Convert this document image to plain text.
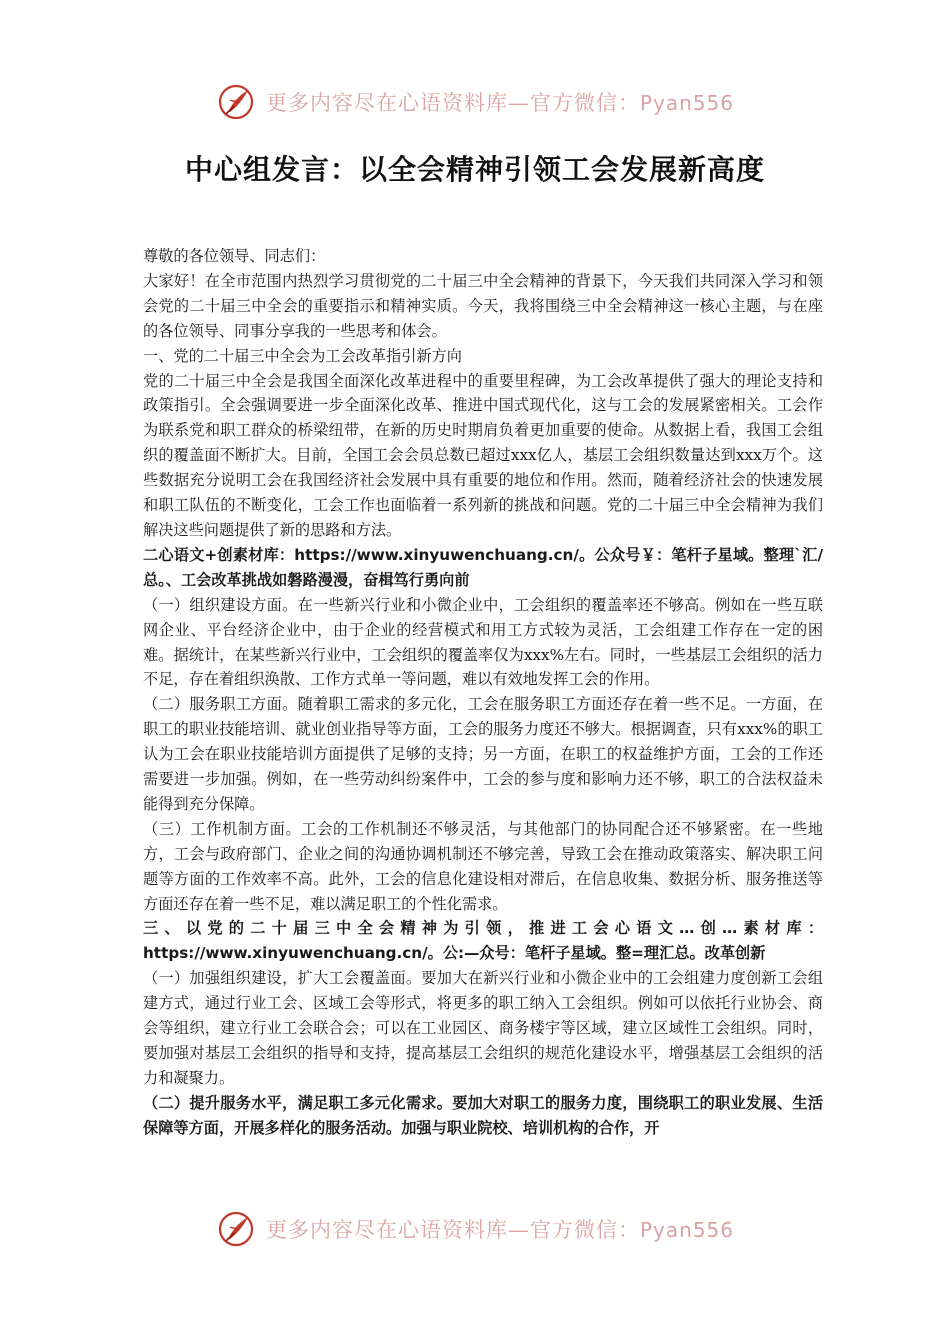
更多内容尽在心语资料库—官方微信：Pyan556
中心组发言：以全会精神引领工会发展新高度

尊敬的各位领导、同志们：

大家好！在全市范围内热烈学习贯彻党的二十届三中全会精神的背景下，今天我们共同深入学习和领会党的二十届三中全会的重要指示和精神实质。今天，我将围绕三中全会精神这一核心主题，与在座的各位领导、同事分享我的一些思考和体会。

一、党的二十届三中全会为工会改革指引新方向

党的二十届三中全会是我国全面深化改革进程中的重要里程碑，为工会改革提供了强大的理论支持和政策指引。全会强调要进一步全面深化改革、推进中国式现代化，这与工会的发展紧密相关。工会作为联系党和职工群众的桥梁纽带，在新的历史时期肩负着更加重要的使命。从数据上看，我国工会组织的覆盖面不断扩大。目前，全国工会会员总数已超过xxx亿人，基层工会组织数量达到xxx万个。这些数据充分说明工会在我国经济社会发展中具有重要的地位和作用。然而，随着经济社会的快速发展和职工队伍的不断变化，工会工作也面临着一系列新的挑战和问题。党的二十届三中全会精神为我们解决这些问题提供了新的思路和方法。

二心语文+创素材库：https://www.xinyuwenchuang.cn/。公众号￥：笔杆子星域。整理`汇/总。、工会改革挑战如磐路漫漫，奋楫笃行勇向前

（一）组织建设方面。在一些新兴行业和小微企业中，工会组织的覆盖率还不够高。例如在一些互联网企业、平台经济企业中，由于企业的经营模式和用工方式较为灵活，工会组建工作存在一定的困难。据统计，在某些新兴行业中，工会组织的覆盖率仅为xxx%左右。同时，一些基层工会组织的活力不足，存在着组织涣散、工作方式单一等问题，难以有效地发挥工会的作用。

（二）服务职工方面。随着职工需求的多元化，工会在服务职工方面还存在着一些不足。一方面，在职工的职业技能培训、就业创业指导等方面，工会的服务力度还不够大。根据调查，只有xxx%的职工认为工会在职业技能培训方面提供了足够的支持；另一方面，在职工的权益维护方面，工会的工作还需要进一步加强。例如，在一些劳动纠纷案件中，工会的参与度和影响力还不够，职工的合法权益未能得到充分保障。

（三）工作机制方面。工会的工作机制还不够灵活，与其他部门的协同配合还不够紧密。在一些地方，工会与政府部门、企业之间的沟通协调机制还不够完善，导致工会在推动政策落实、解决职工问题等方面的工作效率不高。此外，工会的信息化建设相对滞后，在信息收集、数据分析、服务推送等方面还存在着一些不足，难以满足职工的个性化需求。

三、以党的二十届三中全会精神为引领，推进工会心语文…创…素材库：https://www.xinyuwenchuang.cn/。公:—众号：笔杆子星域。整=理汇总。改革创新

（一）加强组织建设，扩大工会覆盖面。要加大在新兴行业和小微企业中的工会组建力度创新工会组建方式，通过行业工会、区域工会等形式，将更多的职工纳入工会组织。例如可以依托行业协会、商会等组织，建立行业工会联合会；可以在工业园区、商务楼宇等区域，建立区域性工会组织。同时，要加强对基层工会组织的指导和支持，提高基层工会组织的规范化建设水平，增强基层工会组织的活力和凝聚力。

（二）提升服务水平，满足职工多元化需求。要加大对职工的服务力度，围绕职工的职业发展、生活保障等方面，开展多样化的服务活动。加强与职业院校、培训机构的合作，开

更多内容尽在心语资料库—官方微信：Pyan556
